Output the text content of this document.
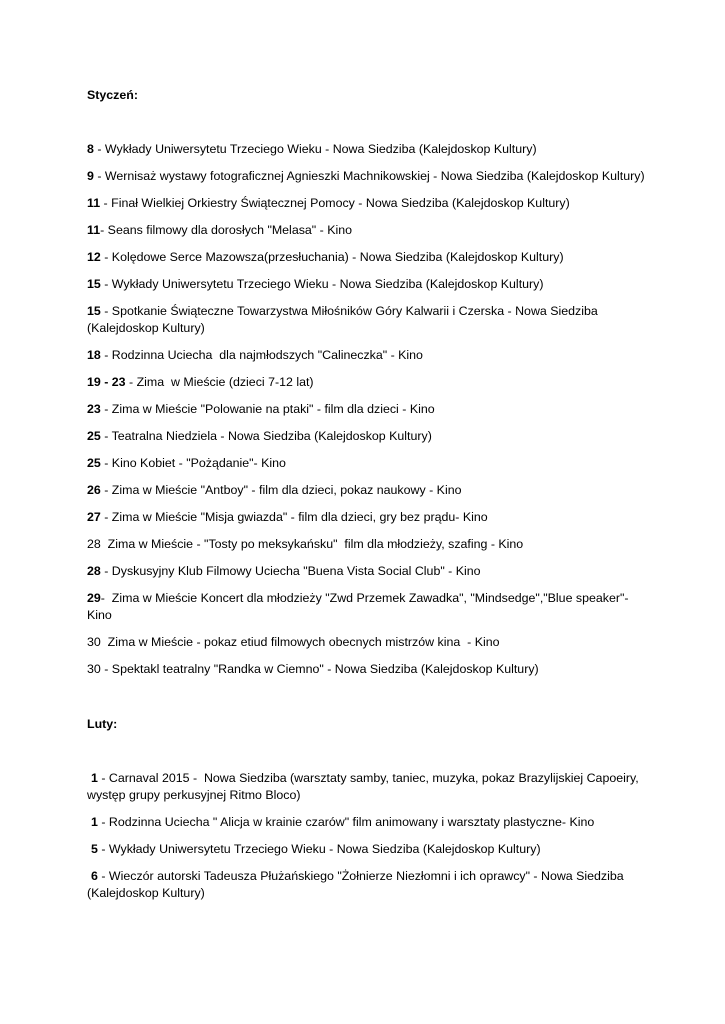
Styczeń:

8 - Wykłady Uniwersytetu Trzeciego Wieku - Nowa Siedziba (Kalejdoskop Kultury)

9 - Wernisaż wystawy fotograficznej Agnieszki Machnikowskiej - Nowa Siedziba (Kalejdoskop Kultury)

11 - Finał Wielkiej Orkiestry Świątecznej Pomocy - Nowa Siedziba (Kalejdoskop Kultury)

11- Seans filmowy dla dorosłych "Melasa" - Kino

12 - Kolędowe Serce Mazowsza(przesłuchania) - Nowa Siedziba (Kalejdoskop Kultury)

15 - Wykłady Uniwersytetu Trzeciego Wieku - Nowa Siedziba (Kalejdoskop Kultury)

15 - Spotkanie Świąteczne Towarzystwa Miłośników Góry Kalwarii i Czerska - Nowa Siedziba (Kalejdoskop Kultury)

18 - Rodzinna Uciecha  dla najmłodszych "Calineczka" - Kino

19 - 23 - Zima  w Mieście (dzieci 7-12 lat)

23 - Zima w Mieście "Polowanie na ptaki" - film dla dzieci - Kino

25 - Teatralna Niedziela - Nowa Siedziba (Kalejdoskop Kultury)

25 - Kino Kobiet - "Pożądanie"- Kino

26 - Zima w Mieście "Antboy" - film dla dzieci, pokaz naukowy - Kino

27 - Zima w Mieście "Misja gwiazda" - film dla dzieci, gry bez prądu- Kino

28  Zima w Mieście - "Tosty po meksykańsku"  film dla młodzieży, szafing - Kino

28 - Dyskusyjny Klub Filmowy Uciecha "Buena Vista Social Club" - Kino

29-  Zima w Mieście Koncert dla młodzieży "Zwd Przemek Zawadka", "Mindsedge","Blue speaker"- Kino

30  Zima w Mieście - pokaz etiud filmowych obecnych mistrzów kina  - Kino

30 - Spektakl teatralny "Randka w Ciemno" - Nowa Siedziba (Kalejdoskop Kultury)

Luty:

1 - Carnaval 2015 -  Nowa Siedziba (warsztaty samby, taniec, muzyka, pokaz Brazylijskiej Capoeiry, występ grupy perkusyjnej Ritmo Bloco)

1 - Rodzinna Uciecha " Alicja w krainie czarów" film animowany i warsztaty plastyczne- Kino

5 - Wykłady Uniwersytetu Trzeciego Wieku - Nowa Siedziba (Kalejdoskop Kultury)

6 - Wieczór autorski Tadeusza Płużańskiego "Żołnierze Niezłomni i ich oprawcy" - Nowa Siedziba (Kalejdoskop Kultury)
